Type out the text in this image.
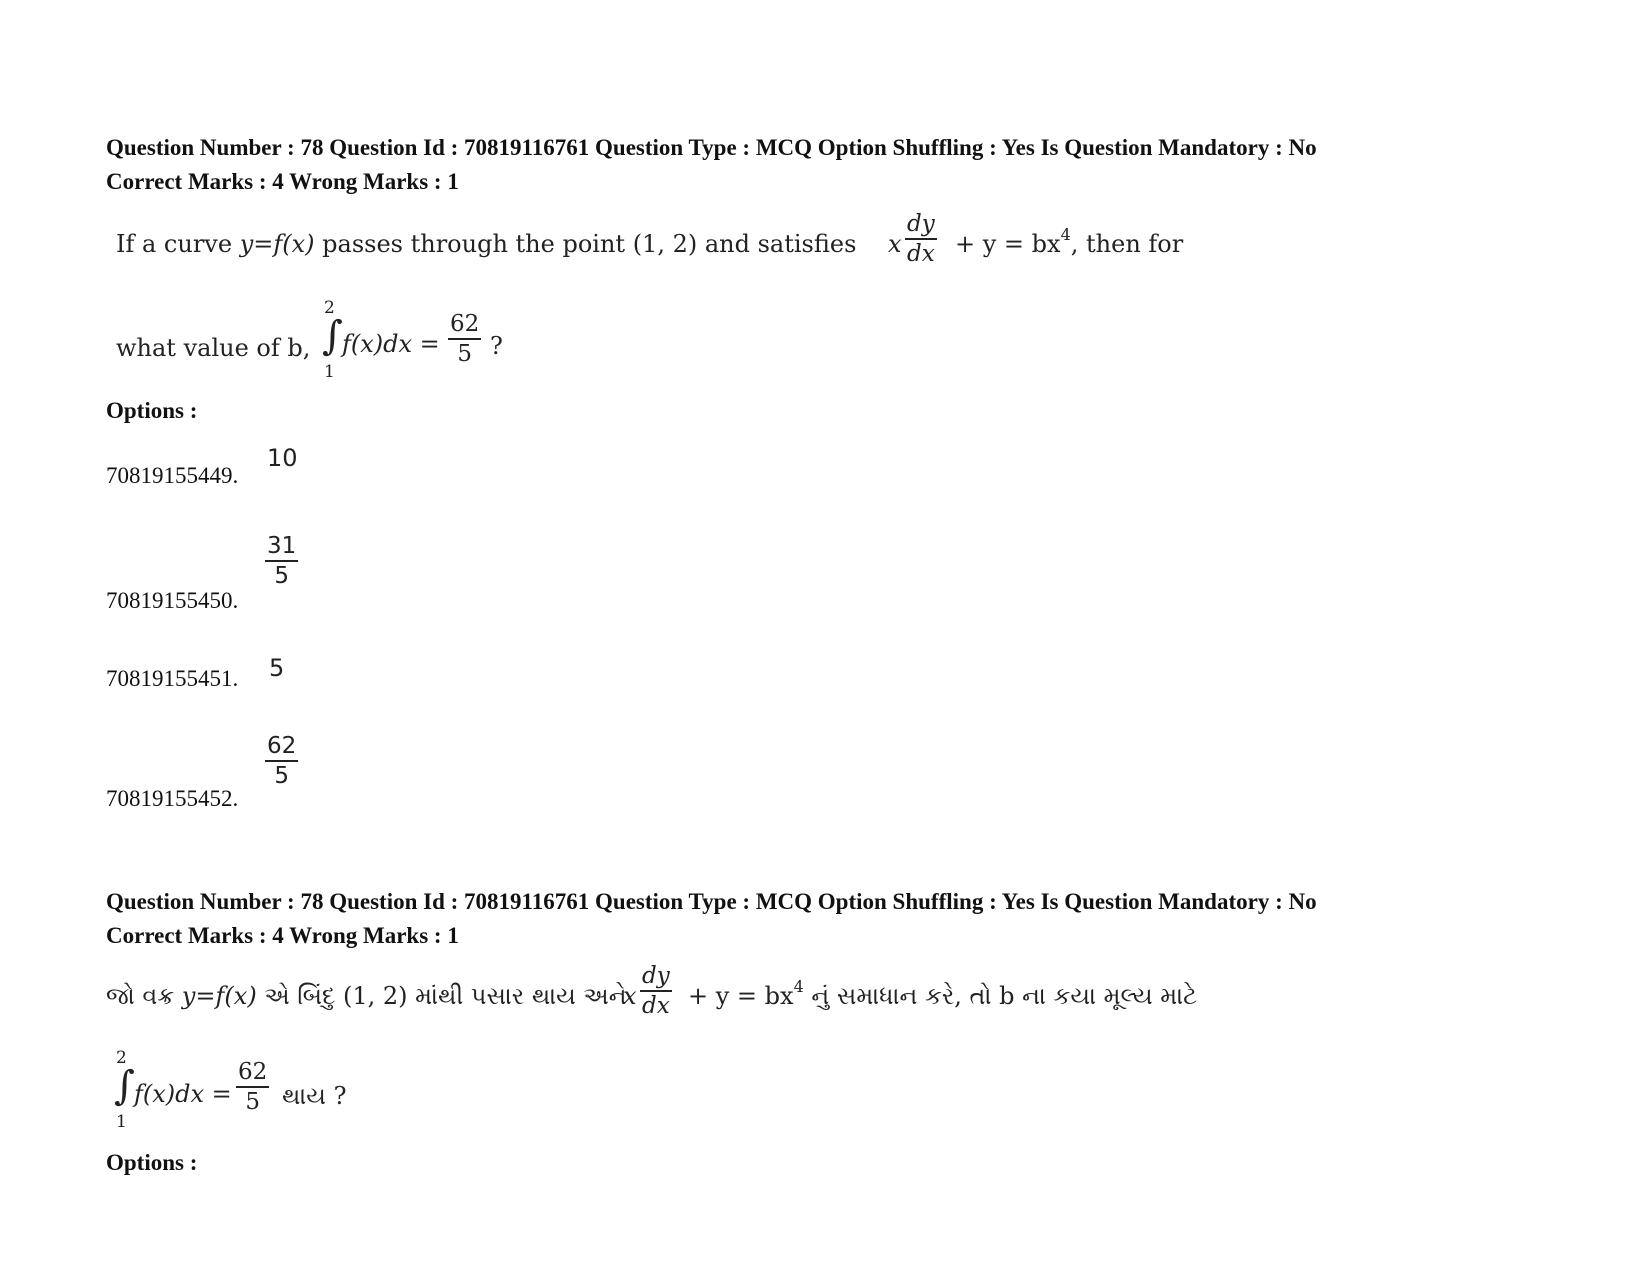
Question Number : 78 Question Id : 70819116761 Question Type : MCQ Option Shuffling : Yes Is Question Mandatory : No
Correct Marks : 4 Wrong Marks : 1
If a curve y=f(x) passes through the point (1, 2) and satisfies x
dy
dx + $y = bx^4$, then for
what value of b,
2
∫
1
f(x)dx =
62
5 ?
Options :
70819155449.
10
70819155450.
31
5
70819155451. 5
70819155452.
62
5
Question Number : 78 Question Id : 70819116761 Question Type : MCQ Option Shuffling : Yes Is Question Mandatory : No
Correct Marks : 4 Wrong Marks : 1
જો વક્ર y=f(x) એ બિંદુ (1, 2) માંથી પસાર થાય અને
x
dy
dx + $y = bx^4$ નું સમાધાન કરે, તો b ના કયા મૂલ્ય માટે
2
∫
1
f(x)dx =
62
5 થાય ?
Options :
